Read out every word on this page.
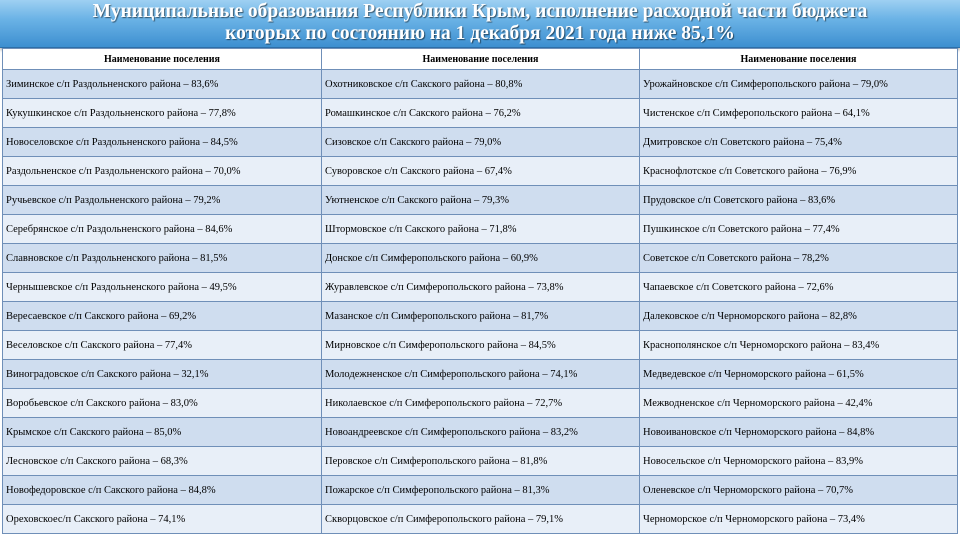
Муниципальные образования Республики Крым, исполнение расходной части бюджета
которых по состоянию на 1 декабря 2021 года ниже 85,1%
Наименование поселения	Наименование поселения	Наименование поселения
Зиминское с/п Раздольненского района – 83,6%	Охотниковское с/п Сакского района – 80,8%	Урожайновское с/п Симферопольского района – 79,0%
Кукушкинское с/п Раздольненского района – 77,8%	Ромашкинское с/п Сакского района – 76,2%	Чистенское с/п Симферопольского района – 64,1%
Новоселовское с/п Раздольненского района – 84,5%	Сизовское с/п Сакского района – 79,0%	Дмитровское с/п Советского района – 75,4%
Раздольненское с/п Раздольненского района – 70,0%	Суворовское с/п Сакского района – 67,4%	Краснофлотское с/п Советского района – 76,9%
Ручьевское с/п Раздольненского района – 79,2%	Уютненское с/п Сакского района – 79,3%	Прудовское с/п Советского района – 83,6%
Серебрянское с/п Раздольненского района – 84,6%	Штормовское с/п Сакского района – 71,8%	Пушкинское с/п Советского района – 77,4%
Славновское с/п Раздольненского района – 81,5%	Донское с/п Симферопольского района – 60,9%	Советское с/п Советского района – 78,2%
Чернышевское с/п Раздольненского района – 49,5%	Журавлевское с/п Симферопольского района – 73,8%	Чапаевское с/п Советского района – 72,6%
Вересаевское с/п Сакского района – 69,2%	Мазанское с/п Симферопольского района – 81,7%	Далековское с/п Черноморского района – 82,8%
Веселовское с/п Сакского района – 77,4%	Мирновское с/п Симферопольского района – 84,5%	Краснополянское с/п Черноморского района – 83,4%
Виноградовское с/п Сакского района – 32,1%	Молодежненское с/п Симферопольского района – 74,1%	Медведевское с/п Черноморского района – 61,5%
Воробьевское с/п Сакского района – 83,0%	Николаевское с/п Симферопольского района – 72,7%	Межводненское с/п Черноморского района – 42,4%
Крымское с/п Сакского района – 85,0%	Новоандреевское с/п Симферопольского района – 83,2%	Новоивановское с/п Черноморского района – 84,8%
Лесновское с/п Сакского района – 68,3%	Перовское с/п Симферопольского района – 81,8%	Новосельское с/п Черноморского района – 83,9%
Новофедоровское с/п Сакского района – 84,8%	Пожарское с/п Симферопольского района – 81,3%	Оленевское с/п Черноморского района – 70,7%
Ореховскоес/п Сакского района – 74,1%	Скворцовское с/п Симферопольского района – 79,1%	Черноморское с/п Черноморского района – 73,4%
